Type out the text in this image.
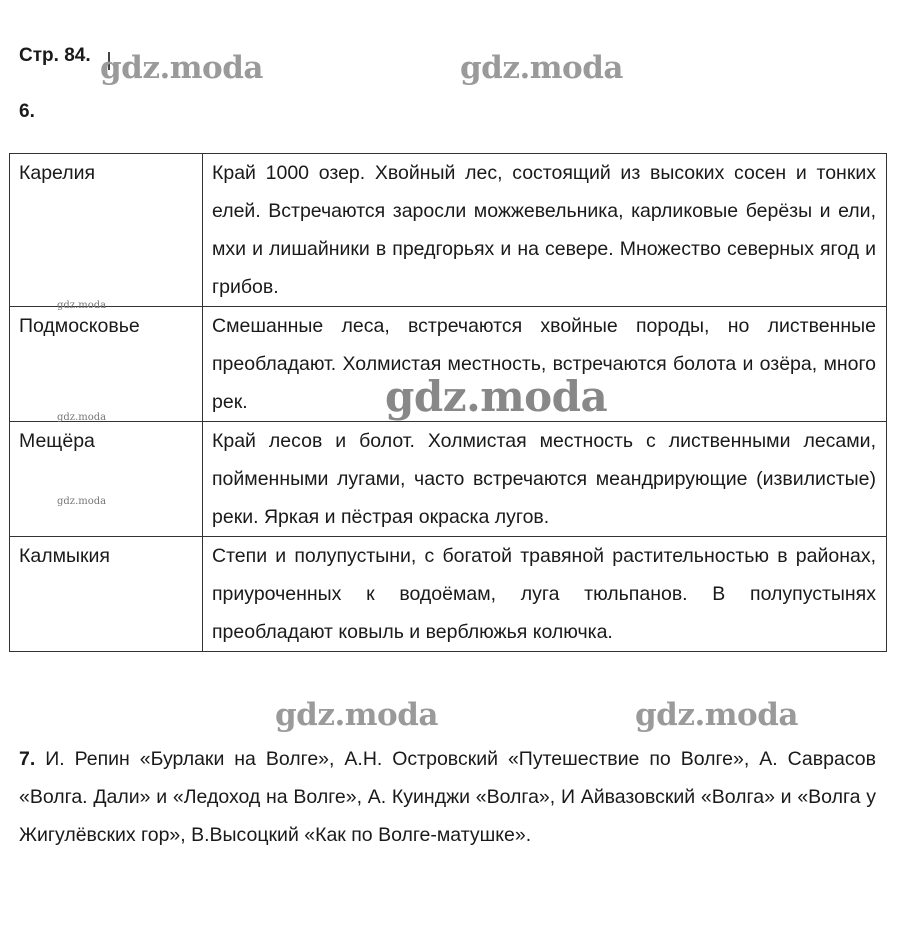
Стр. 84.
6.
Карелия	Край 1000 озер. Хвойный лес, состоящий из высоких сосен и тонких елей. Встречаются заросли можжевельника, карликовые берёзы и ели, мхи и лишайники в предгорьях и на севере. Множество северных ягод и грибов.
Подмосковье	Смешанные леса, встречаются хвойные породы, но лиственные преобладают. Холмистая местность, встречаются болота и озёра, много рек.
Мещёра	Край лесов и болот. Холмистая местность с лиственными лесами, пойменными лугами, часто встречаются меандрирующие (извилистые) реки. Яркая и пёстрая окраска лугов.
Калмыкия	Степи и полупустыни, с богатой травяной растительностью в районах, приуроченных к водоёмам, луга тюльпанов. В полупустынях преобладают ковыль и верблюжья колючка.
7. И. Репин «Бурлаки на Волге», А.Н. Островский «Путешествие по Волге», А. Саврасов «Волга. Дали» и «Ледоход на Волге», А. Куинджи «Волга», И Айвазовский «Волга» и «Волга у Жигулёвских гор», В.Высоцкий «Как по Волге-матушке».
gdz.moda	gdz.moda
gdz.moda
gdz.moda
gdz.moda
gdz.moda
gdz.moda	gdz.moda
